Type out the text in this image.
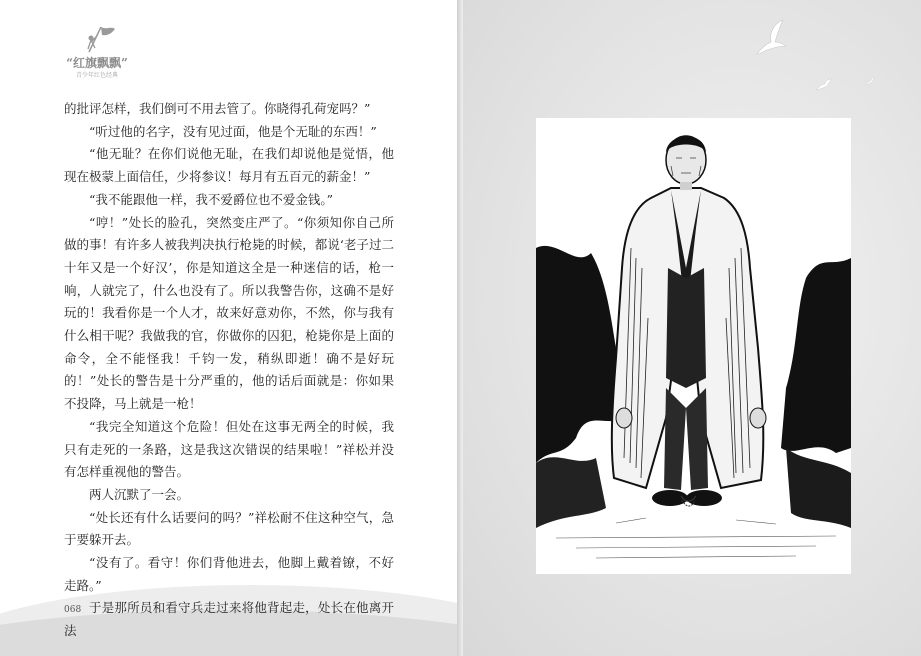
“红旗飘飘”
青少年红色经典

的批评怎样，我们倒可不用去管了。你晓得孔荷宠吗？”

“听过他的名字，没有见过面，他是个无耻的东西！”

“他无耻？在你们说他无耻，在我们却说他是觉悟，他现在极蒙上面信任，少将参议！每月有五百元的薪金！”

“我不能跟他一样，我不爱爵位也不爱金钱。”

“哼！”处长的脸孔，突然变庄严了。“你须知你自己所做的事！有许多人被我判决执行枪毙的时候，都说‘老子过二十年又是一个好汉’，你是知道这全是一种迷信的话，枪一响，人就完了，什么也没有了。所以我警告你，这确不是好玩的！我看你是一个人才，故来好意劝你，不然，你与我有什么相干呢？我做我的官，你做你的囚犯，枪毙你是上面的命令，全不能怪我！千钧一发，稍纵即逝！确不是好玩的！”处长的警告是十分严重的，他的话后面就是：你如果不投降，马上就是一枪！

“我完全知道这个危险！但处在这事无两全的时候，我只有走死的一条路，这是我这次错误的结果啦！”祥松并没有怎样重视他的警告。

两人沉默了一会。

“处长还有什么话要问的吗？”祥松耐不住这种空气，急于要躲开去。

“没有了。看守！你们背他进去，他脚上戴着镣，不好走路。”

于是那所员和看守兵走过来将他背起走，处长在他离开法

068
